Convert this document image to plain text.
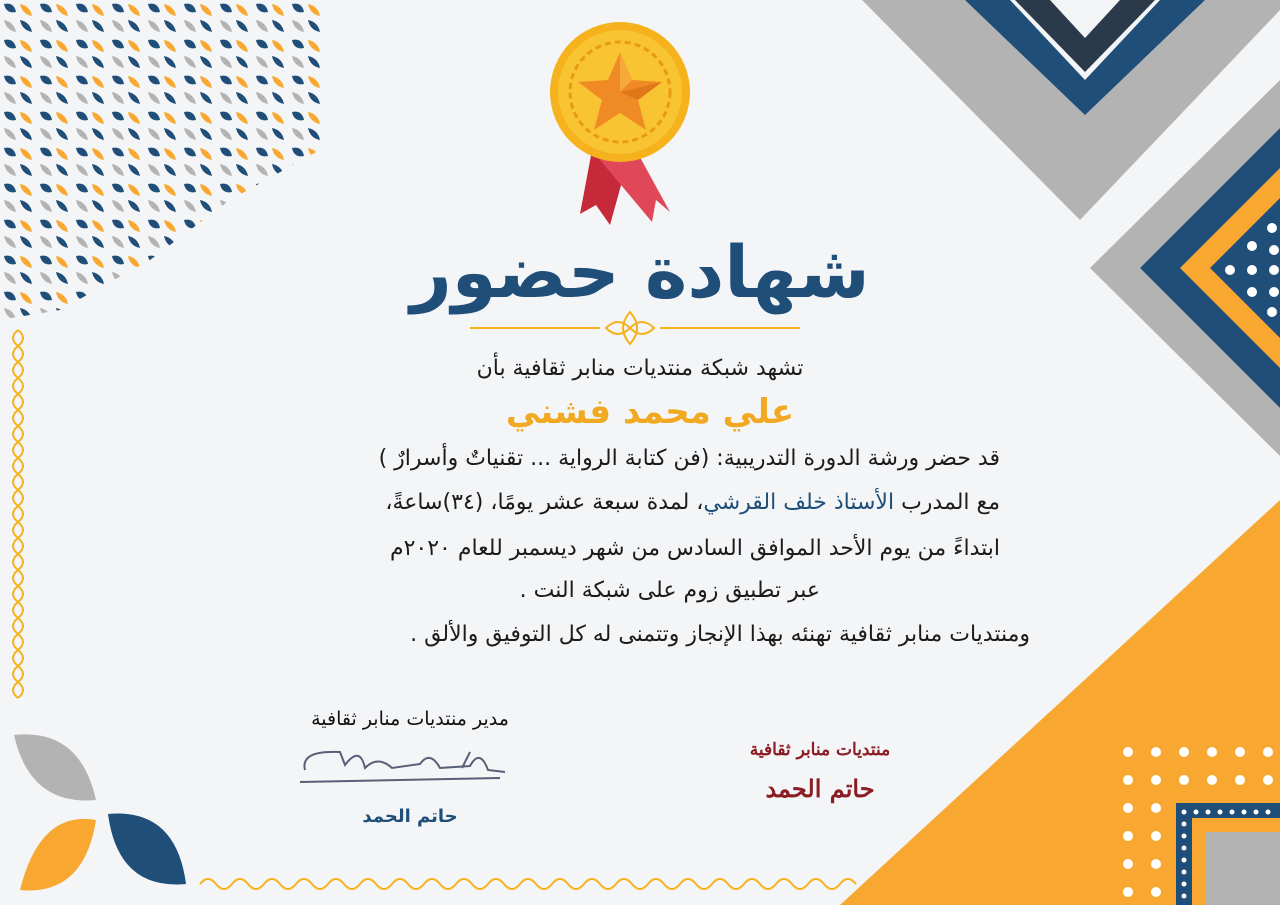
شهادة حضور
تشهد شبكة منتديات منابر ثقافية بأن
علي محمد فشني
قد حضر ورشة الدورة التدريبية: (فن كتابة الرواية ... تقنياتٌ وأسرارٌ )
مع المدرب الأستاذ خلف القرشي، لمدة سبعة عشر يومًا، (٣٤)ساعةً،
ابتداءً من يوم الأحد الموافق السادس من شهر ديسمبر للعام ٢٠٢٠م
عبر تطبيق زوم على شبكة النت .
ومنتديات منابر ثقافية تهنئه بهذا الإنجاز وتتمنى له كل التوفيق والألق .
مدير منتديات منابر ثقافية
حاتم الحمد
منتديات منابر ثقافية
حاتم الحمد
